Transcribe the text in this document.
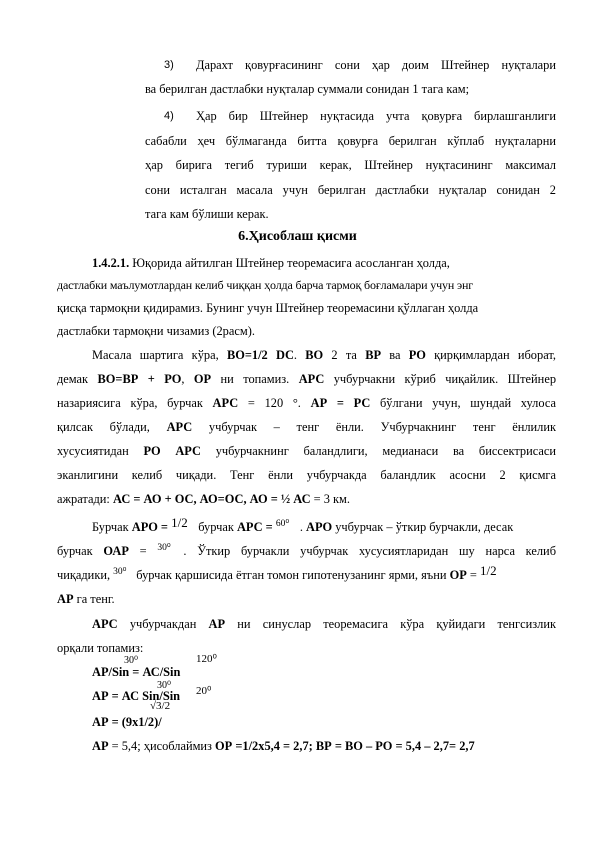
3) Дарахт қовурғасининг сони ҳар доим Штейнер нуқталари
ва берилган дастлабки нуқталар суммали сонидан 1 тага кам;
4) Ҳар бир Штейнер нуқтасида учта қовурға бирлашганлиги
сабабли ҳеч бўлмаганда битта қовурға берилган кўплаб нуқталарни
ҳар бирига тегиб туриши керак, Штейнер нуқтасининг максимал
сони исталган масала учун берилган дастлабки нуқталар сонидан 2
тага кам бўлиши керак.
6.Ҳисоблаш қисми
1.4.2.1. Юқорида айтилган Штейнер теоремасига асосланган ҳолда,
дастлабки маълумотлардан келиб чиққан ҳолда барча тармоқ боғламалари учун энг
қисқа тармоқни қидирамиз. Бунинг учун Штейнер теоремасини қўллаган ҳолда
дастлабки тармоқни чизамиз (2расм).
Масала шартига кўра, ВО=1/2 DC. ВО 2 та ВР ва РО қирқимлардан иборат,
демак ВО=ВР + РО, ОР ни топамиз. АРС учбурчакни кўриб чиқайлик. Штейнер
назариясига кўра, бурчак АРС = 120 °. АР = РС бўлгани учун, шундай хулоса
қилсак бўлади, АРС учбурчак – тенг ёнли. Учбурчакнинг тенг ёнлилик
хусусиятидан РО АРС учбурчакнинг баландлиги, медианаси ва биссектрисаси
эканлигини келиб чиқади. Тенг ёнли учбурчакда баландлик асосни 2 қисмга
ажратади: АС = АО + ОС, АО=ОС, АО = ½ АС = 3 км.
Бурчак АРО = 1/2 бурчак АРС = 60⁰ . АРО учбурчак – ўткир бурчакли, десак
бурчак ОАР = 30⁰ . Ўткир бурчакли учбурчак хусусиятларидан шу нарса келиб
чиқадики, 30⁰ бурчак қаршисида ётган томон гипотенузанинг ярми, яъни ОР = 1/2
АР га тенг.
АРС учбурчакдан АР ни синуслар теоремасига кўра қуйидаги тенгсизлик
орқали топамиз:
АР/Sin = АС/Sin
30⁰	120⁰
АР = АС Sin/Sin
30⁰ 20⁰
√3/2
АР = (9х1/2)/
АР = 5,4; ҳисоблаймиз ОР =1/2х5,4 = 2,7; ВР = ВО – РО = 5,4 – 2,7= 2,7
